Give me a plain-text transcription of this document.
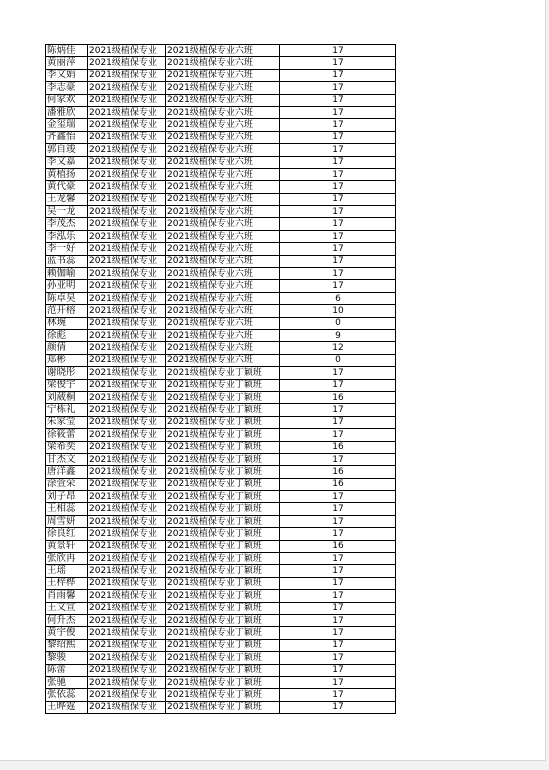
陈炳佳	2021级植保专业	2021级植保专业六班	17
黄丽萍	2021级植保专业	2021级植保专业六班	17
李文娟	2021级植保专业	2021级植保专业六班	17
李志豪	2021级植保专业	2021级植保专业六班	17
何家欢	2021级植保专业	2021级植保专业六班	17
潘雅欣	2021级植保专业	2021级植保专业六班	17
金玺瑞	2021级植保专业	2021级植保专业六班	17
齐鑫怡	2021级植保专业	2021级植保专业六班	17
郭自竣	2021级植保专业	2021级植保专业六班	17
李文嘉	2021级植保专业	2021级植保专业六班	17
黄植扬	2021级植保专业	2021级植保专业六班	17
黄代豪	2021级植保专业	2021级植保专业六班	17
王龙馨	2021级植保专业	2021级植保专业六班	17
吴一龙	2021级植保专业	2021级植保专业六班	17
李茂杰	2021级植保专业	2021级植保专业六班	17
李泓乐	2021级植保专业	2021级植保专业六班	17
李一好	2021级植保专业	2021级植保专业六班	17
蓝书蕊	2021级植保专业	2021级植保专业六班	17
赖伽喻	2021级植保专业	2021级植保专业六班	17
孙亚明	2021级植保专业	2021级植保专业六班	17
陈卓昊	2021级植保专业	2021级植保专业六班	6
范开榕	2021级植保专业	2021级植保专业六班	10
林琬	2021级植保专业	2021级植保专业六班	0
徐彪	2021级植保专业	2021级植保专业六班	9
颜倩	2021级植保专业	2021级植保专业六班	12
郑彬	2021级植保专业	2021级植保专业六班	0
谢晓彤	2021级植保专业	2021级植保专业丁颖班	17
梁俊宇	2021级植保专业	2021级植保专业丁颖班	17
刘葳桐	2021级植保专业	2021级植保专业丁颖班	16
宁栋礼	2021级植保专业	2021级植保专业丁颖班	17
朱家莹	2021级植保专业	2021级植保专业丁颖班	17
徐筱蕾	2021级植保专业	2021级植保专业丁颖班	17
梁希奕	2021级植保专业	2021级植保专业丁颖班	16
甘杰文	2021级植保专业	2021级植保专业丁颖班	17
唐洋鑫	2021级植保专业	2021级植保专业丁颖班	16
涂萱荣	2021级植保专业	2021级植保专业丁颖班	16
刘子昂	2021级植保专业	2021级植保专业丁颖班	17
王相蕊	2021级植保专业	2021级植保专业丁颖班	17
周雪妍	2021级植保专业	2021级植保专业丁颖班	17
徐良红	2021级植保专业	2021级植保专业丁颖班	17
黄景轩	2021级植保专业	2021级植保专业丁颖班	16
张欣冉	2021级植保专业	2021级植保专业丁颖班	17
王瑶	2021级植保专业	2021级植保专业丁颖班	17
王梓桦	2021级植保专业	2021级植保专业丁颖班	17
肖雨馨	2021级植保专业	2021级植保专业丁颖班	17
王文宣	2021级植保专业	2021级植保专业丁颖班	17
何升杰	2021级植保专业	2021级植保专业丁颖班	17
黄宇俊	2021级植保专业	2021级植保专业丁颖班	17
黎绍熙	2021级植保专业	2021级植保专业丁颖班	17
黎骏	2021级植保专业	2021级植保专业丁颖班	17
陈蕾	2021级植保专业	2021级植保专业丁颖班	17
张驰	2021级植保专业	2021级植保专业丁颖班	17
张依蕊	2021级植保专业	2021级植保专业丁颖班	17
王晔霆	2021级植保专业	2021级植保专业丁颖班	17
